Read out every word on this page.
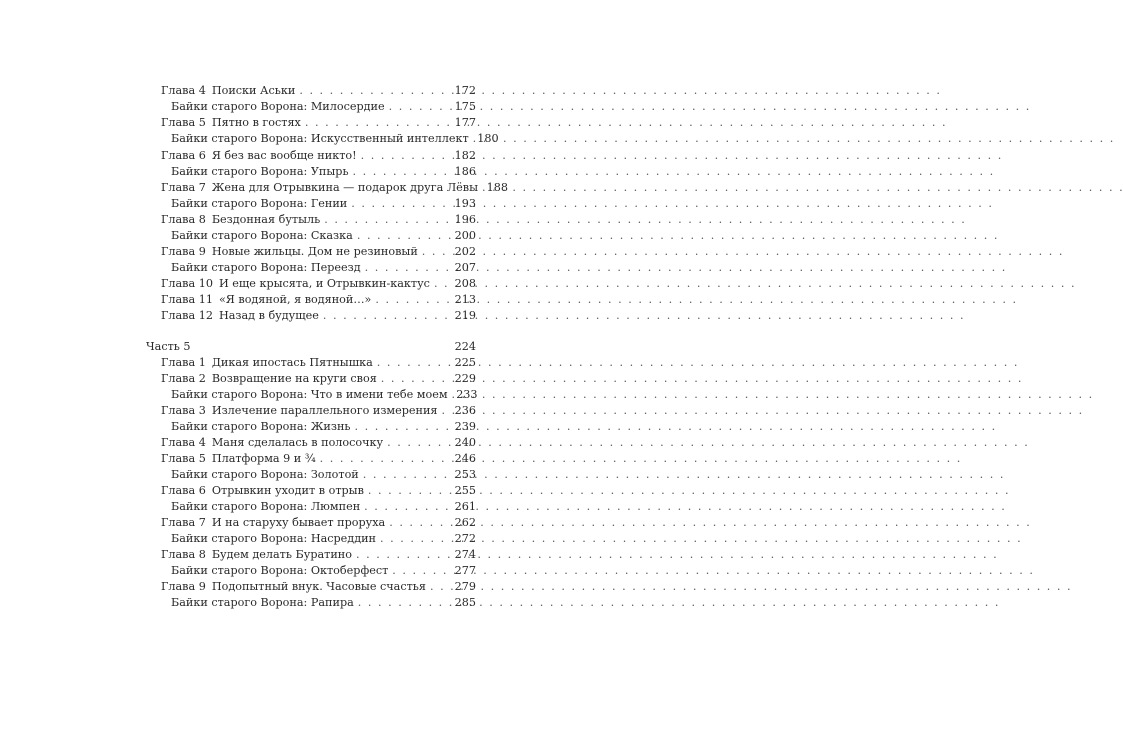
Глава 4 Поиски Аськи . . .	172
Байки старого Ворона: Милосердие . . .	175
Глава 5 Пятно в гостях . . .	177
Байки старого Ворона: Искусственный интеллект 180
Глава 6 Я без вас вообще никто! . . .	182
Байки старого Ворона: Упырь . . .	186
Глава 7 Жена для Отрывкина — подарок друга Лёвы 188
Байки старого Ворона: Гении . . .	193
Глава 8 Бездонная бутыль . . .	196
Байки старого Ворона: Сказка . . .	200
Глава 9 Новые жильцы. Дом не резиновый . . .	202
Байки старого Ворона: Переезд . . .	207
Глава 10 И еще крысята, и Отрывкин-кактус . . . 208
Глава 11 «Я водяной, я водяной…» . . .	213
Глава 12 Назад в будущее . . .	219
Часть 5	224
Глава 1 Дикая ипостась Пятнышка . . .	225
Глава 2 Возвращение на круги своя . . .	229
Байки старого Ворона: Что в имени тебе моем 233
Глава 3 Излечение параллельного измерения . . . 236
Байки старого Ворона: Жизнь . . .	239
Глава 4 Маня сделалась в полосочку . . .	240
Глава 5 Платформа 9 и ¾ . . .	246
Байки старого Ворона: Золотой . . .	253
Глава 6 Отрывкин уходит в отрыв . . .	255
Байки старого Ворона: Люмпен . . .	261
Глава 7 И на старуху бывает проруха . . .	262
Байки старого Ворона: Насреддин . . .	272
Глава 8 Будем делать Буратино . . .	274
Байки старого Ворона: Октоберфест . . .	277
Глава 9 Подопытный внук. Часовые счастья . . .	279
Байки старого Ворона: Рапира . . .	285
